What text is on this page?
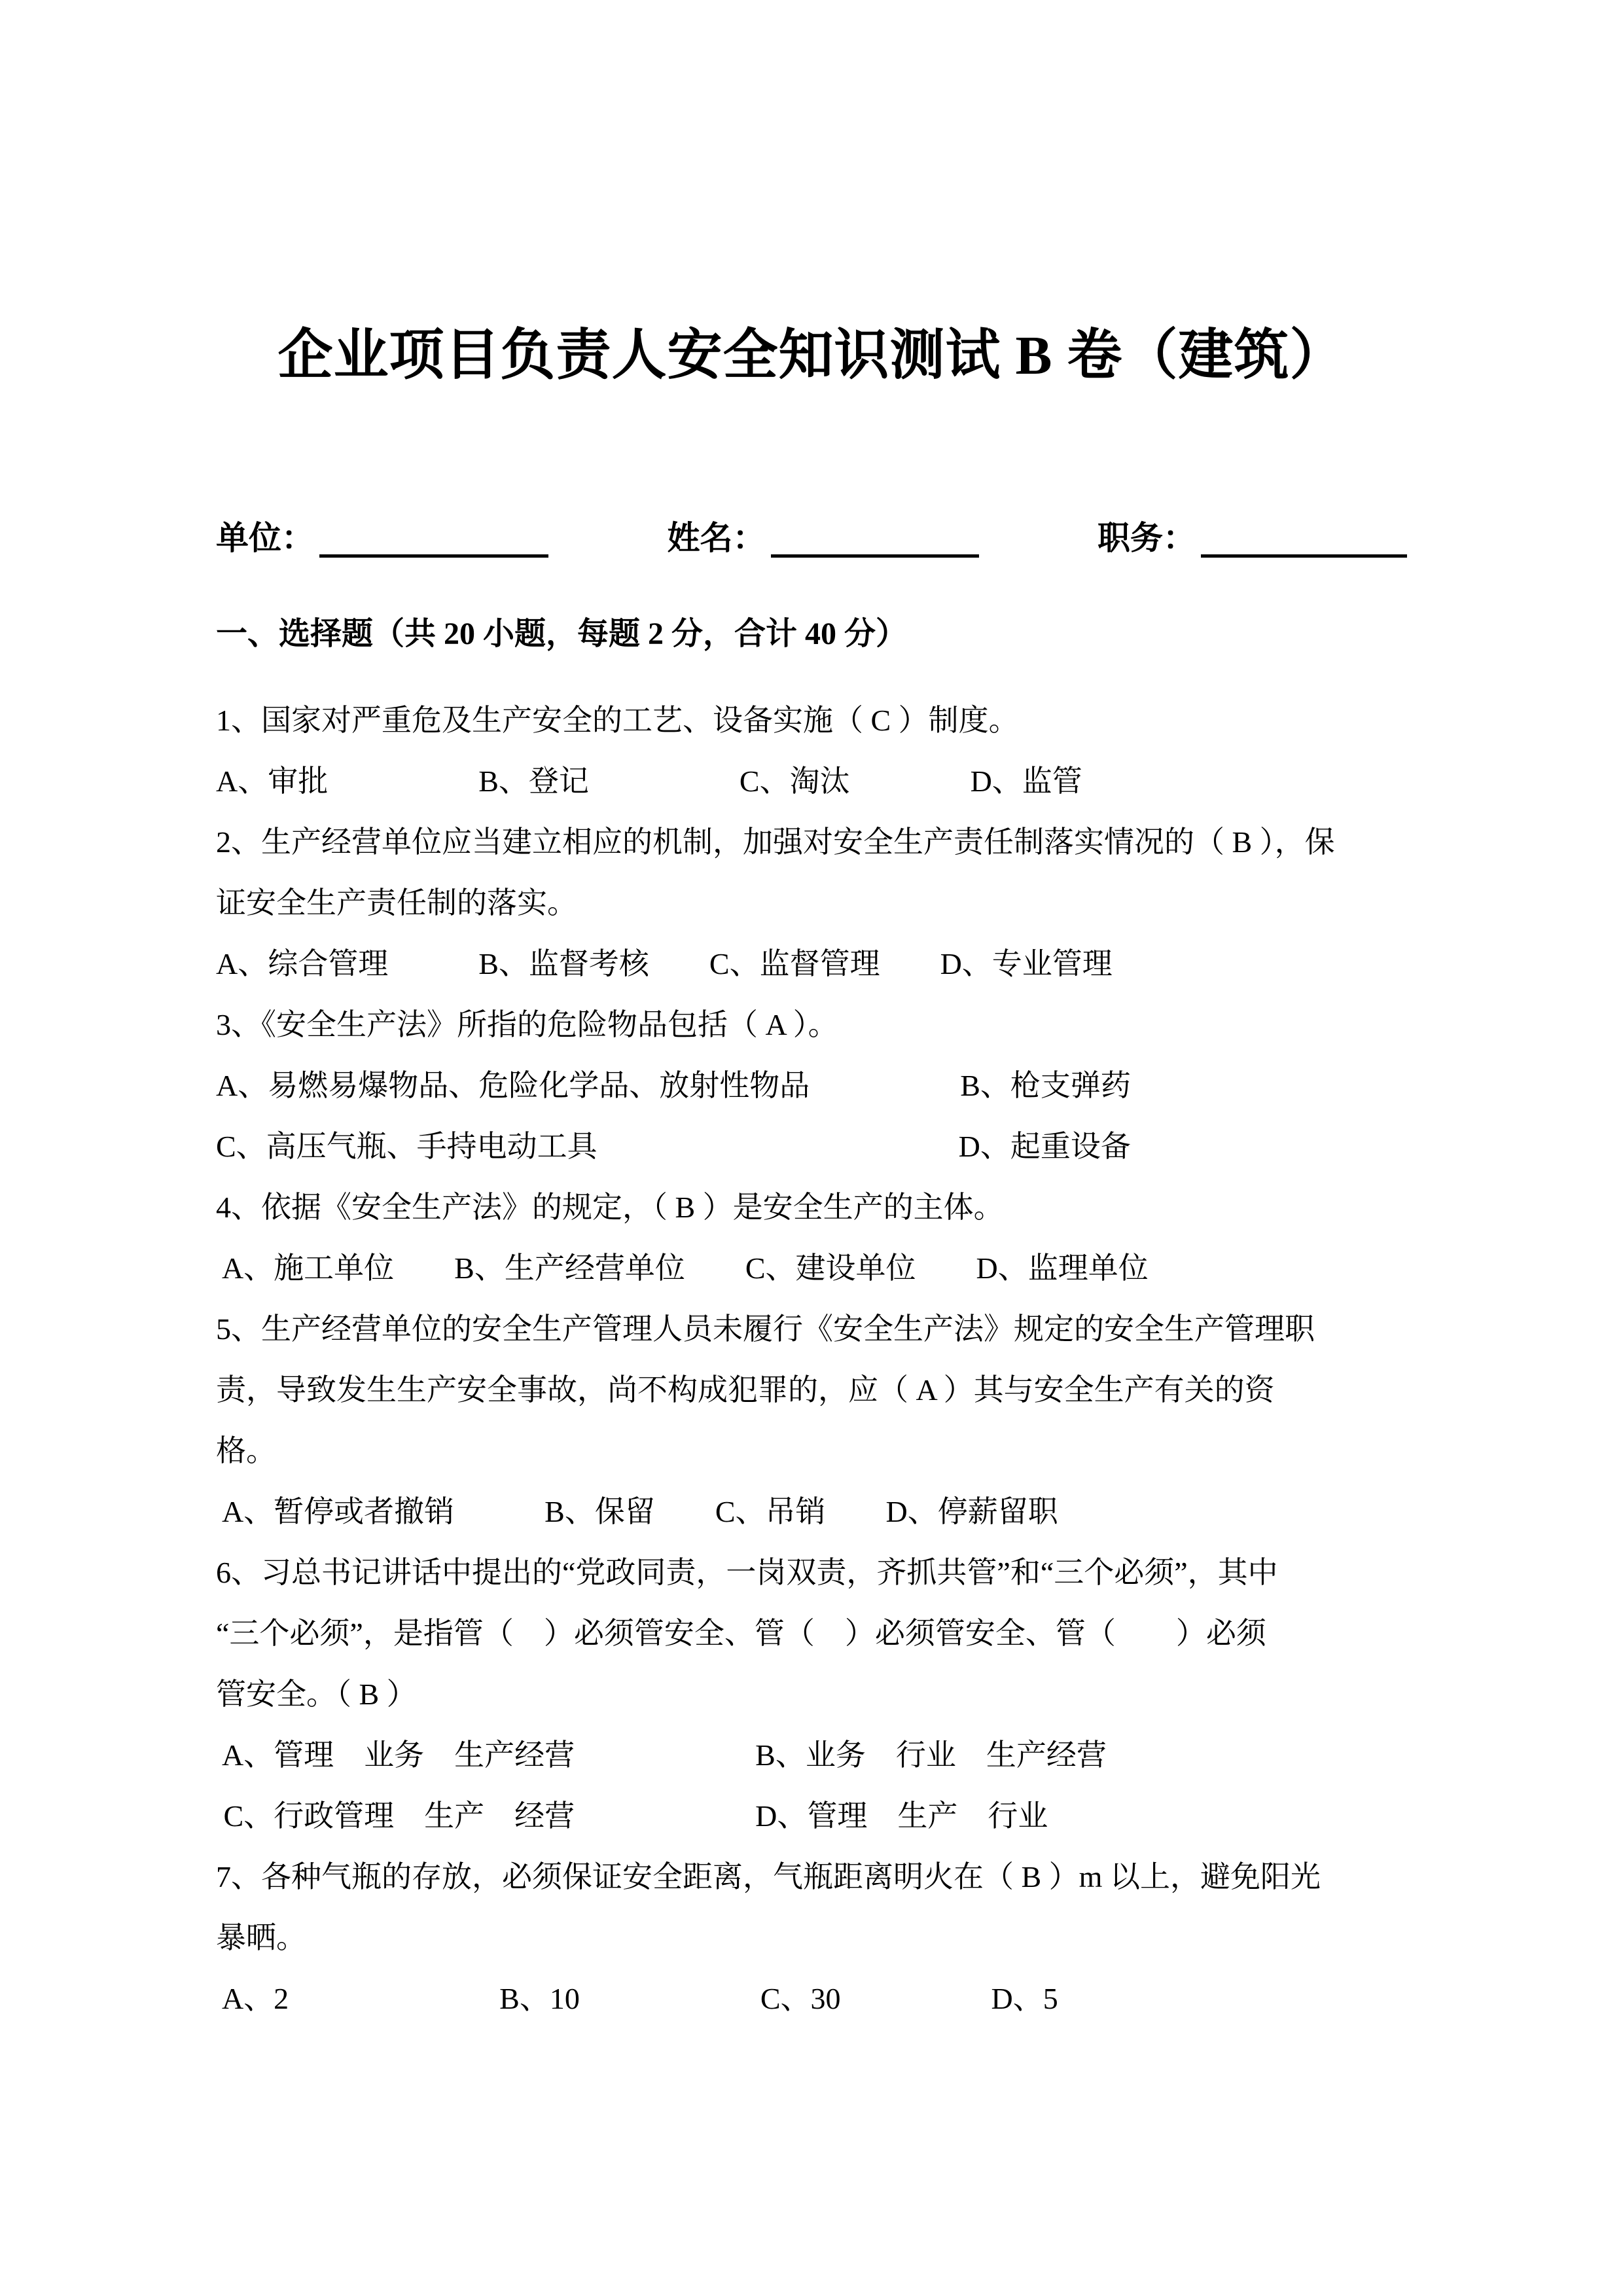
企业项目负责人安全知识测试 B 卷（建筑）
单位：	姓名：	职务：
一、选择题（共 20 小题，每题 2 分，合计 40 分）

1、国家对严重危及生产安全的工艺、设备实施（ C ）制度。

A、审批　　　　　B、登记　　　　　C、淘汰　　　　D、监管

2、生产经营单位应当建立相应的机制，加强对安全生产责任制落实情况的（ B ），保

证安全生产责任制的落实。

A、综合管理　　　B、监督考核　　C、监督管理　　D、专业管理

3、《安全生产法》所指的危险物品包括（ A ）。

A、易燃易爆物品、危险化学品、放射性物品　　　　　B、枪支弹药

C、高压气瓶、手持电动工具　　　　　　　　　　　　D、起重设备

4、依据《安全生产法》的规定，（ B ）是安全生产的主体。

A、施工单位　　B、生产经营单位　　C、建设单位　　D、监理单位

5、生产经营单位的安全生产管理人员未履行《安全生产法》规定的安全生产管理职

责，导致发生生产安全事故，尚不构成犯罪的，应（ A ）其与安全生产有关的资

格。

A、暂停或者撤销　　　B、保留　　C、吊销　　D、停薪留职

6、习总书记讲话中提出的“党政同责，一岗双责，齐抓共管”和“三个必须”，其中

“三个必须”，是指管（　）必须管安全、管（　）必须管安全、管（　　）必须

管安全。（ B ）

A、管理　业务　生产经营　　　　　　B、业务　行业　生产经营

C、行政管理　生产　经营　　　　　　D、管理　生产　行业

7、各种气瓶的存放，必须保证安全距离，气瓶距离明火在（ B ）m 以上，避免阳光

暴晒。

A、2　　　　　　　B、10　　　　　　C、30　　　　　D、5
